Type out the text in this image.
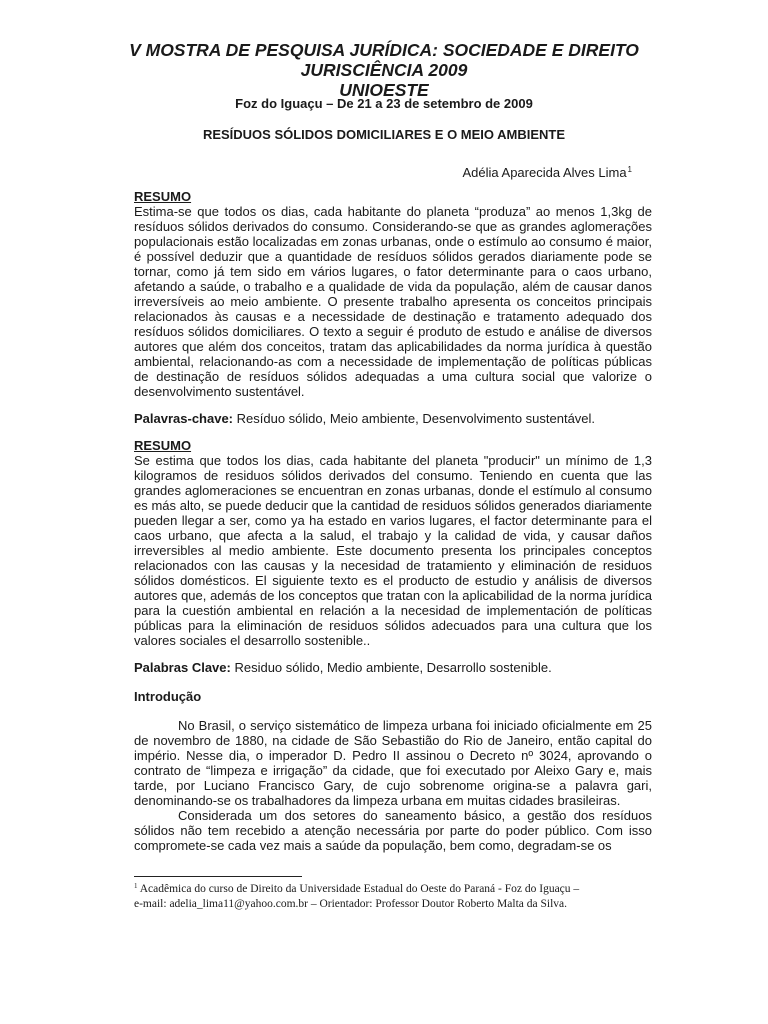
V MOSTRA DE PESQUISA JURÍDICA: SOCIEDADE E DIREITO
JURISCIÊNCIA 2009
UNIOESTE
Foz do Iguaçu – De 21 a 23 de setembro de 2009
RESÍDUOS SÓLIDOS DOMICILIARES E O MEIO AMBIENTE
Adélia Aparecida Alves Lima$^1$

RESUMO

Estima-se que todos os dias, cada habitante do planeta “produza” ao menos 1,3kg de resíduos sólidos derivados do consumo. Considerando-se que as grandes aglomerações populacionais estão localizadas em zonas urbanas, onde o estímulo ao consumo é maior, é possível deduzir que a quantidade de resíduos sólidos gerados diariamente pode se tornar, como já tem sido em vários lugares, o fator determinante para o caos urbano, afetando a saúde, o trabalho e a qualidade de vida da população, além de causar danos irreversíveis ao meio ambiente. O presente trabalho apresenta os conceitos principais relacionados às causas e a necessidade de destinação e tratamento adequado dos resíduos sólidos domiciliares. O texto a seguir é produto de estudo e análise de diversos autores que além dos conceitos, tratam das aplicabilidades da norma jurídica à questão ambiental, relacionando-as com a necessidade de implementação de políticas públicas de destinação de resíduos sólidos adequadas a uma cultura social que valorize o desenvolvimento sustentável.

Palavras-chave: Resíduo sólido, Meio ambiente, Desenvolvimento sustentável.

RESUMO

Se estima que todos los dias, cada habitante del planeta "producir" un mínimo de 1,3 kilogramos de residuos sólidos derivados del consumo. Teniendo en cuenta que las grandes aglomeraciones se encuentran en zonas urbanas, donde el estímulo al consumo es más alto, se puede deducir que la cantidad de residuos sólidos generados diariamente pueden llegar a ser, como ya ha estado en varios lugares, el factor determinante para el caos urbano, que afecta a la salud, el trabajo y la calidad de vida, y causar daños irreversibles al medio ambiente. Este documento presenta los principales conceptos relacionados con las causas y la necesidad de tratamiento y eliminación de residuos sólidos domésticos. El siguiente texto es el producto de estudio y análisis de diversos autores que, además de los conceptos que tratan con la aplicabilidad de la norma jurídica para la cuestión ambiental en relación a la necesidad de implementación de políticas públicas para la eliminación de residuos sólidos adecuados para una cultura que los valores sociales el desarrollo sostenible..

Palabras Clave: Residuo sólido, Medio ambiente, Desarrollo sostenible.

Introdução

No Brasil, o serviço sistemático de limpeza urbana foi iniciado oficialmente em 25 de novembro de 1880, na cidade de São Sebastião do Rio de Janeiro, então capital do império. Nesse dia, o imperador D. Pedro II assinou o Decreto nº 3024, aprovando o contrato de “limpeza e irrigação” da cidade, que foi executado por Aleixo Gary e, mais tarde, por Luciano Francisco Gary, de cujo sobrenome origina-se a palavra gari, denominando-se os trabalhadores da limpeza urbana em muitas cidades brasileiras.

Considerada um dos setores do saneamento básico, a gestão dos resíduos sólidos não tem recebido a atenção necessária por parte do poder público. Com isso compromete-se cada vez mais a saúde da população, bem como, degradam-se os

$^1$ Acadêmica do curso de Direito da Universidade Estadual do Oeste do Paraná - Foz do Iguaçu –
e-mail: adelia_lima11@yahoo.com.br – Orientador: Professor Doutor Roberto Malta da Silva.
